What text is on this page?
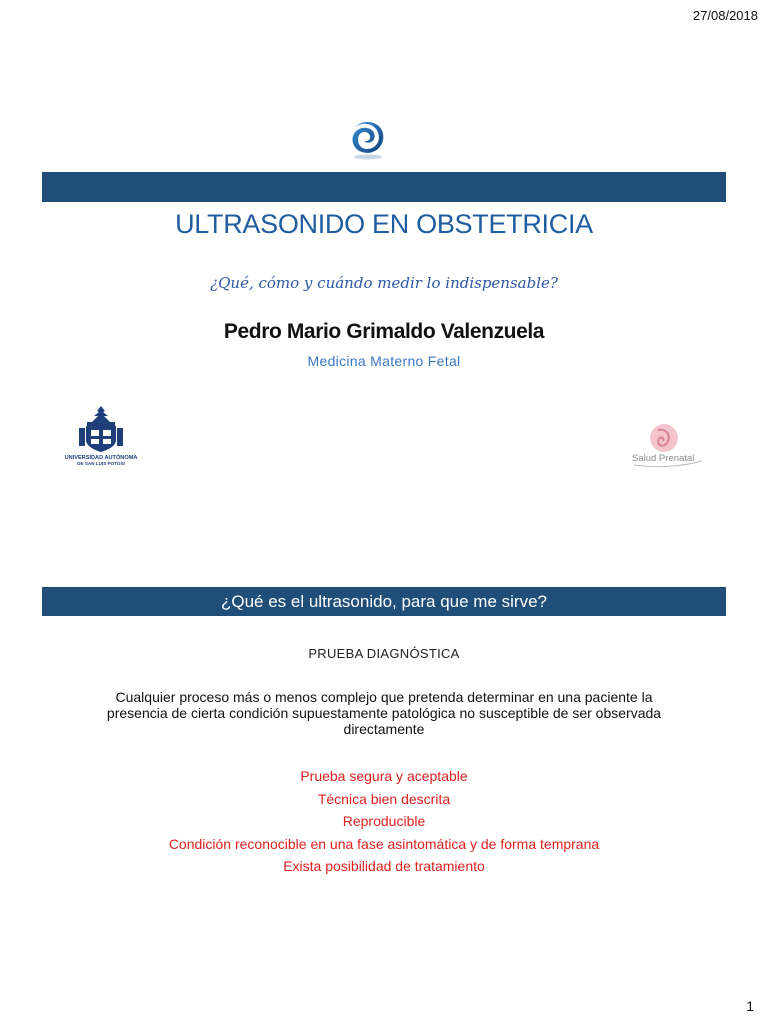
27/08/2018
ULTRASONIDO EN OBSTETRICIA
¿Qué, cómo y cuándo medir lo indispensable?
Pedro Mario Grimaldo Valenzuela
Medicina Materno Fetal
UNIVERSIDAD AUTÓNOMA
DE SAN LUIS POTOSÍ	Salud Prenatal
¿Qué es el ultrasonido, para que me sirve?
PRUEBA DIAGNÓSTICA
Cualquier proceso más o menos complejo que pretenda determinar en una paciente la presencia de cierta condición supuestamente patológica no susceptible de ser observada directamente
Prueba segura y aceptable
Técnica bien descrita
Reproducible
Condición reconocible en una fase asintomática y de forma temprana
Exista posibilidad de tratamiento
1
